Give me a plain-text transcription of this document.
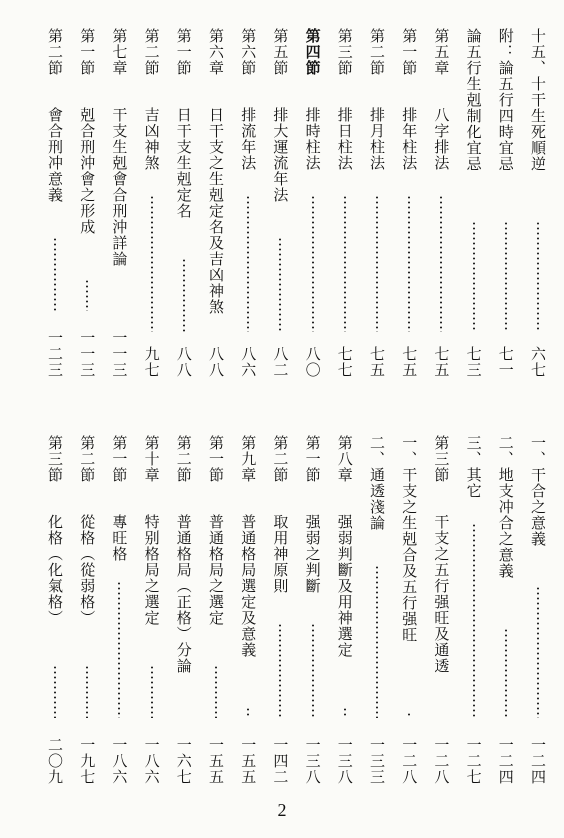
十五、十干生死順逆
六七
附：論五行四時宜忌
七一
論五行生剋制化宜忌
七三
第五章
八字排法
七五
第一節
排年柱法
七五
第二節
排月柱法
七五
第三節
排日柱法
七七
第四節
排時柱法
八〇
第五節
排大運流年法
八二
第六節
排流年法
八六
第六章
日干支之生剋定名及吉凶神煞
八八
第一節
日干支生剋定名
八八
第二節
吉凶神煞
九七
第七章
干支生剋會合刑沖詳論
一一三
第一節
剋合刑沖會之形成
一一三
第二節
會合刑冲意義
一二三
一、干合之意義
一二四
二、地支冲合之意義
一二四
三、其它
一二七
第三節
干支之五行强旺及通透
一二八
一、干支之生剋合及五行强旺
一二八
二、通透淺論
一三三
第八章
强弱判斷及用神選定
一三八
第一節
强弱之判斷
一三八
第二節
取用神原則
一四二
第九章
普通格局選定及意義
一五五
第一節
普通格局之選定
一五五
第二節
普通格局（正格）分論
一六七
第十章
特别格局之選定
一八六
第一節
專旺格
一八六
第二節
從格（從弱格）
一九七
第三節
化格（化氣格）
二〇九
2
